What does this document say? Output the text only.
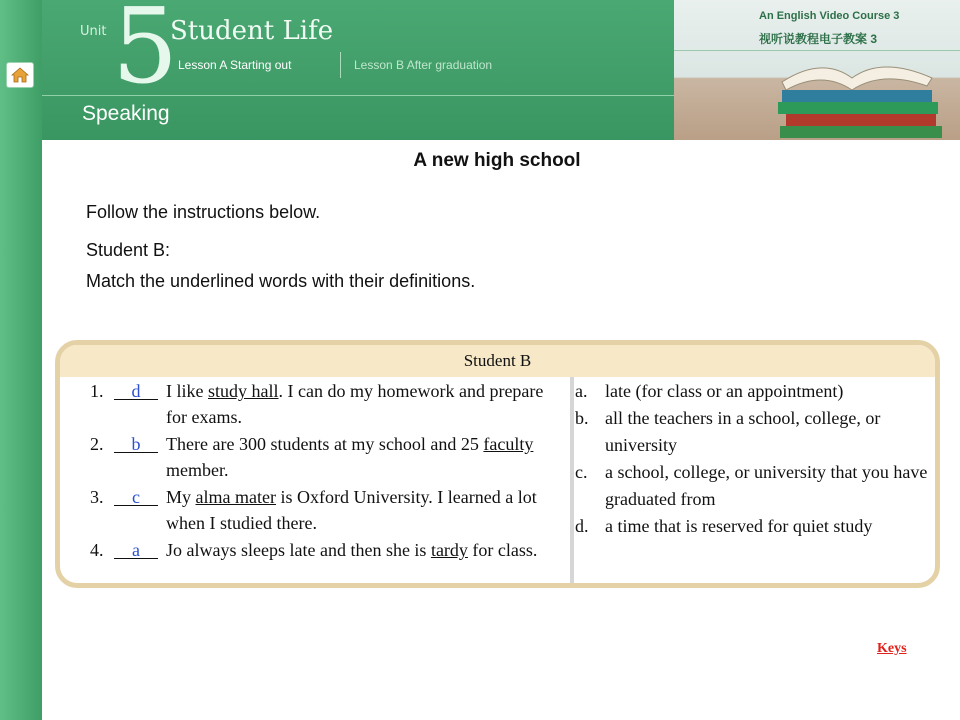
Unit 5
Student Life
Lesson A Starting out	Lesson B After graduation
Speaking
An English Video Course 3
视听说教程电子教案 3
A new high school
Follow the instructions below.
Student B:
Match the underlined words with their definitions.
Student B
1.	d	I like study hall. I can do my homework and prepare for exams.
2.	b	There are 300 students at my school and 25 faculty member.
3.	c	My alma mater is Oxford University. I learned a lot when I studied there.
4.	a	Jo always sleeps late and then she is tardy for class.
a. late (for class or an appointment)
b. all the teachers in a school, college, or university
c. a school, college, or university that you have graduated from
d. a time that is reserved for quiet study
Keys
